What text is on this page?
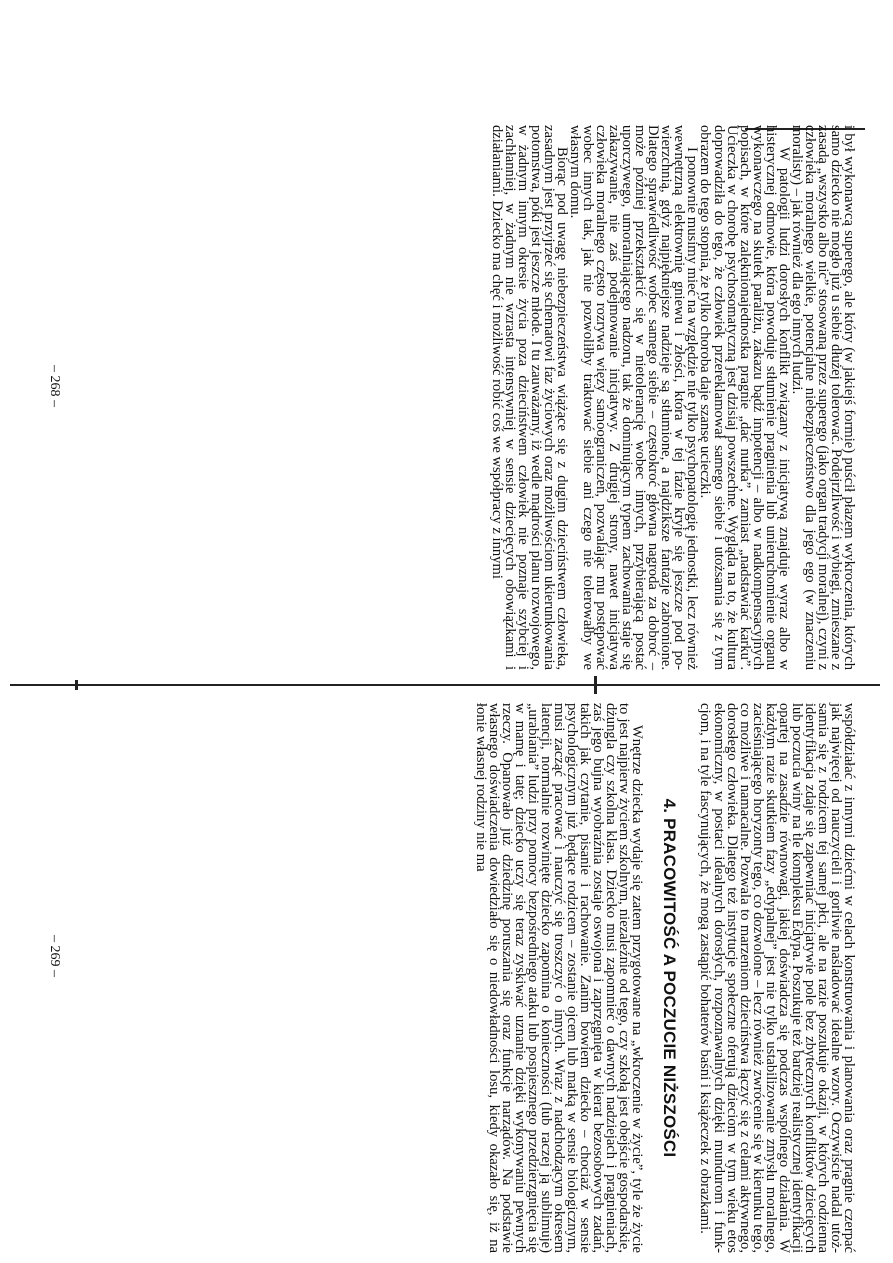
i był wykonawcą superego, ale który (w jakiejś formie) puścił płazem wykroczenia, których samo dziecko nie mogło już u siebie dłużej tolerować. Podejrzliwość i wybiegi, zmieszane z zasadą „wszystko albo nic” stosowaną przez superego (jako organ tradycji moralnej), czyni z człowieka moralnego wielkie, potencjalne niebezpieczeństwo dla jego ego (w znaczeniu moralisty) – jak również dla ego innych ludzi.

W patologii ludzi dorosłych konflikt związany z inicjatywą znajduje wyraz albo w histerycznej odmowie, która powoduje stłumienie pragnienia lub unieruchomienie organu wykonawczego na skutek paraliżu, zakazu bądź impotencji – albo w nadkompensacyjnych popisach, w które zalęknionajednostka pragnie „dać nurka”, zamiast „nadstawiać karku”. Ucieczka w chorobę psychosomatyczną jest dzisiaj powszechne. Wygląda na to, że kultura doprowadziła do tego, że człowiek przereklamował samego siebie i utożsamia się z tym obrazem do tego stopnia, że tylko choroba daje szansę ucieczki.

I ponownie musimy mieć na względzie nie tylko psychopatologię jednostki, lecz również wewnętrzną elektrownię gniewu i złości, która w tej fazie kryje się jeszcze pod powierzchnią, gdyż najpiękniejsze nadzieje są stłumione, a najdziksze fantazje zabronione. Dlatego sprawiedliwość wobec samego siebie – częstokroć główna nagroda za dobroć – może później przekształcić się w nietolerancję wobec innych, przybierającą postać uporczywego, umoralniającego nadzoru, tak że dominującym typem zachowania staje się zakazywanie, nie zaś podejmowanie inicjatywy. Z drugiej strony, nawet inicjatywa człowieka moralnego często rozrywa więzy samoograniczeń, pozwalając mu postępować wobec innych tak, jak nie pozwoliłby traktować siebie ani czego nie tolerowałby we własnym domu.

Biorąc pod uwagę niebezpieczeństwa wiążące się z dugim dzieciństwem człowieka, zasadnym jest przyjrzeć się schematowi faz życiowych oraz możliwościom ukierunkowania potomstwa, póki jest jeszcze młode. I tu zauważamy, iż wedle mądrości planu rozwojowego, w żadnym innym okresie życia poza dzieciństwem człowiek nie poznaje szybciej i zachłanniej, w żadnym nie wzrasta intensywniej w sensie dziecięcych obowiązkami i działaniami. Dziecko ma chęć i możliwość robić coś we współpracy z innymi

– 268 –

współdziałać z innymi dziećmi w celach konstruowania i planowania oraz pragnie czerpać jak najwięcej od nauczycieli i gorliwie naśladować idealne wzory. Oczywiście nadal utożsamia się z rodzicem tej samej płci, ale na razie poszukuje okazji, w których codzienna identyfikacja zdaje się zapewniać inicjatywie pole bez zbytecznych konfliktów dziecięcych lub poczucia winy na tle kompleksu Edypa. Poszukuje też bardziej realistycznej identyfikacji opartej na zasadzie równowagi, jakiej doświadcza się podczas wspólnego działania. W każdym razie skutkiem fazy „edypalnej” jest nie tylko ustabilizowanie zmysłu moralnego, zacieśniającego horyzonty tego, co dozwolone – lecz również zwrócenie się w kierunku tego, co możliwe i namacalne. Pozwala to marzeniom dzieciństwa łączyć się z celami aktywnego, dorosłego człowieka. Dlatego też instytucje społeczne oferują dzieciom w tym wieku etos ekonomiczny, w postaci idealnych dorosłych, rozpoznawalnych dzięki mundurom i funkcjom, i na tyle fascynujących, że mogą zastąpić bohaterów baśni i książeczek z obrazkami.

4. PRACOWITOŚĆ A POCZUCIE NIŻSZOŚCI

Wnętrze dziecka wydaje się zatem przygotowane na „wkroczenie w życie”, tyle że życie to jest najpierw życiem szkolnym, niezależnie od tego, czy szkołą jest obejście gospodarskie, dżungla czy szkolna klasa. Dziecko musi zapomnieć o dawnych nadziejach i pragnieniach, zaś jego bujna wyobraźnia zostaje oswojona i zaprzęgnięta w kierat bezosobowych zadań, takich jak czytanie, pisanie i rachowanie. Zanim bowiem dziecko – chociaż w sensie psychologicznym już będące rodzicem – zostanie ojcem lub matką w sensie biologicznym, musi zacząć pracować i nauczyć się troszczyć o innych. Wraz z nadchodzącym okresem latencji, normalnie rozwinięte dziecko zapomina o konieczności (lub raczej ją sublimuje) „urabiania” ludzi przy pomocy bezpośredniego ataku lub pospiesznego przedzierzgnięcia się w mamę i tatę; dziecko uczy się teraz zyskiwać uznanie dzięki wykonywaniu pewnych rzeczy. Opanowało już dziedzinę poruszania się oraz funkcje narządów. Na podstawie własnego doświadczenia dowiedziało się o niedowładności losu, kiedy okazało się, iż na łonie własnej rodziny nie ma

– 269 –
